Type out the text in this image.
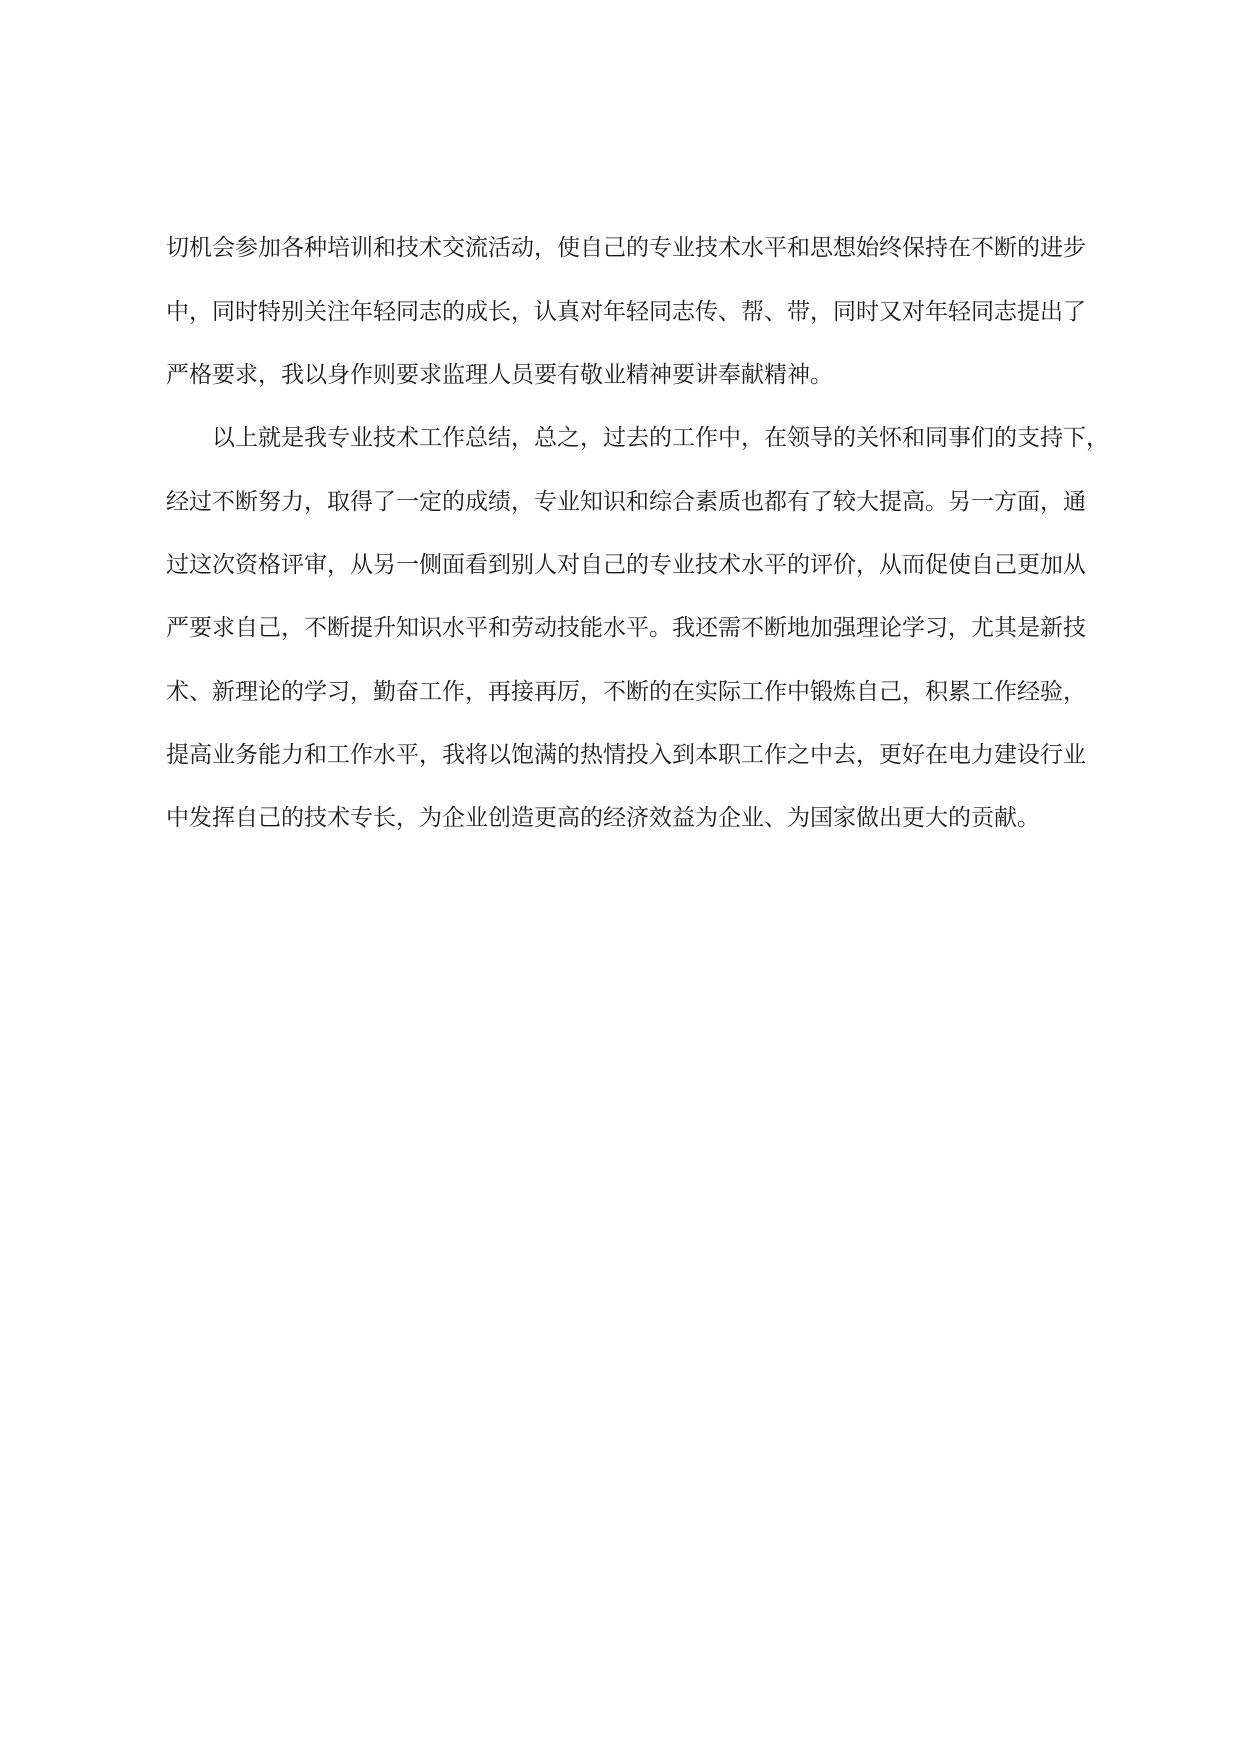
切机会参加各种培训和技术交流活动，使自己的专业技术水平和思想始终保持在不断的进步
中，同时特别关注年轻同志的成长，认真对年轻同志传、帮、带，同时又对年轻同志提出了
严格要求，我以身作则要求监理人员要有敬业精神要讲奉献精神。
以上就是我专业技术工作总结，总之，过去的工作中，在领导的关怀和同事们的支持下，
经过不断努力，取得了一定的成绩，专业知识和综合素质也都有了较大提高。另一方面，通
过这次资格评审，从另一侧面看到别人对自己的专业技术水平的评价，从而促使自己更加从
严要求自己，不断提升知识水平和劳动技能水平。我还需不断地加强理论学习，尤其是新技
术、新理论的学习，勤奋工作，再接再厉，不断的在实际工作中锻炼自己，积累工作经验，
提高业务能力和工作水平，我将以饱满的热情投入到本职工作之中去，更好在电力建设行业
中发挥自己的技术专长，为企业创造更高的经济效益为企业、为国家做出更大的贡献。
